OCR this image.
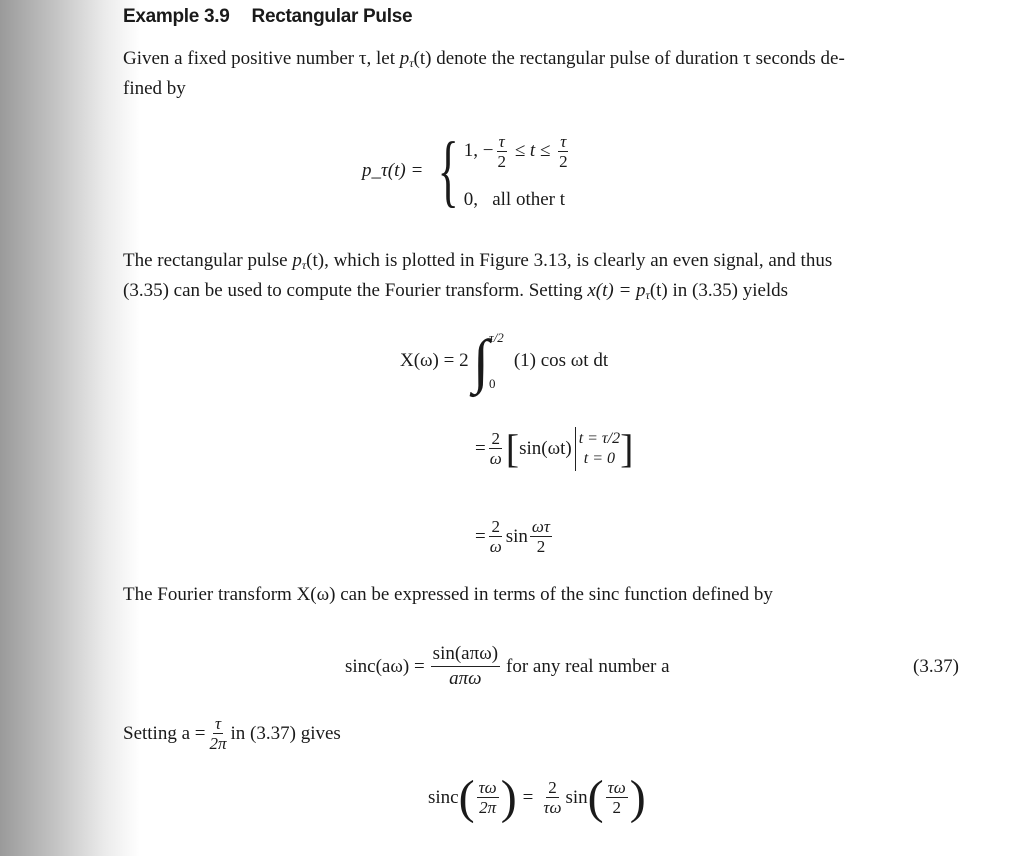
Example 3.9 Rectangular Pulse
Given a fixed positive number τ, let $p_\tau(t)$ denote the rectangular pulse of duration τ seconds de-
fined by
p_τ(t) = { 1, − $\frac{\tau}{2} \le t \le \frac{\tau}{2}$
0, all other t
The rectangular pulse $p_\tau(t)$, which is plotted in Figure 3.13, is clearly an even signal, and thus
(3.35) can be used to compute the Fourier transform. Setting $x(t) = p_\tau(t)$ in (3.35) yields
X(ω) = 2 ∫ τ/2
0
(1) cos ωt dt
= $\frac{2}{\omega}$ [ sin(ωt) t = τ/2
t = 0 ]
= $\frac{2}{\omega}$ $\sin \frac{\omega\tau}{2}$
The Fourier transform X(ω) can be expressed in terms of the sinc function defined by
$\sin c(a\omega) = \frac{\text{sin(aπω)}}{\text{aπω}}$ for any real number a	(3.37)
Setting $a = \frac{\tau}{2\pi}$ in (3.37) gives
sinc ( $\frac{\tau\omega}{2\pi}$ ) = $\frac{2}{\tau\omega}$ sin ( $\frac{\tau\omega}{2}$ )
